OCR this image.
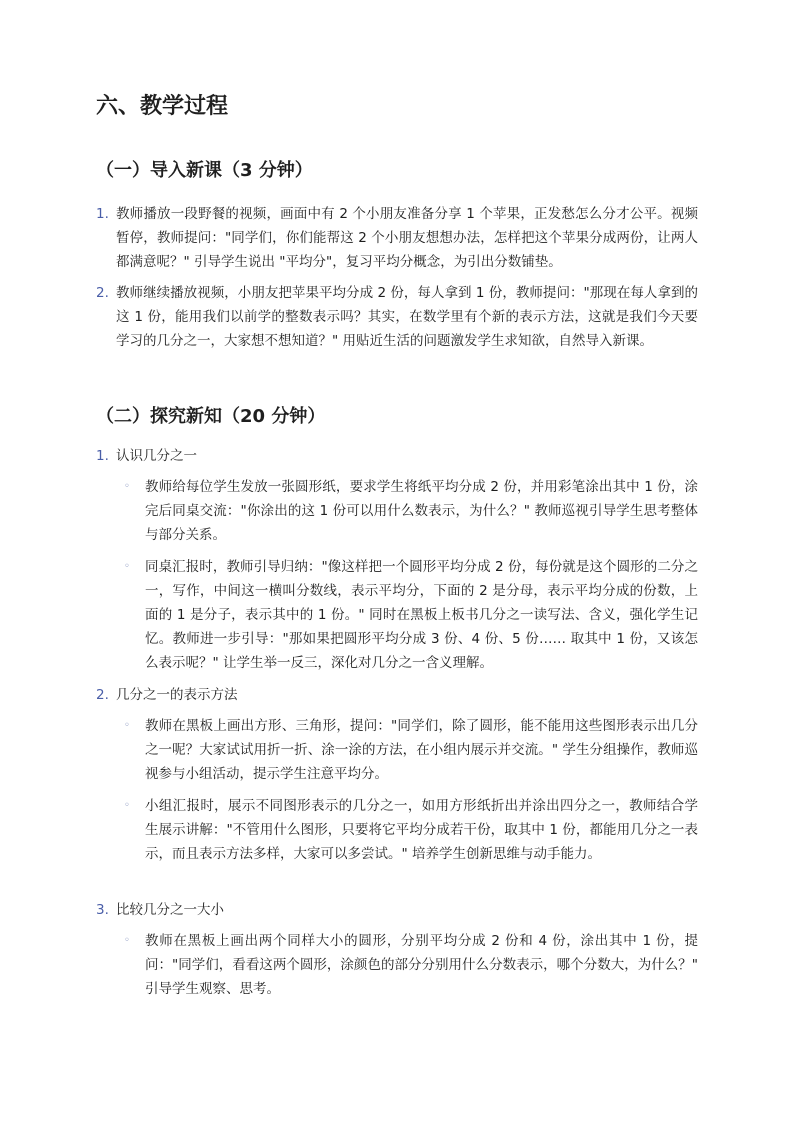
六、教学过程
（一）导入新课（3 分钟）
1. 教师播放一段野餐的视频，画面中有 2 个小朋友准备分享 1 个苹果，正发愁怎么分才公平。视频暂停，教师提问："同学们，你们能帮这 2 个小朋友想想办法，怎样把这个苹果分成两份，让两人都满意呢？" 引导学生说出 "平均分"，复习平均分概念，为引出分数铺垫。

2. 教师继续播放视频，小朋友把苹果平均分成 2 份，每人拿到 1 份，教师提问："那现在每人拿到的这 1 份，能用我们以前学的整数表示吗？其实，在数学里有个新的表示方法，这就是我们今天要学习的几分之一，大家想不想知道？" 用贴近生活的问题激发学生求知欲，自然导入新课。

（二）探究新知（20 分钟）
1. 认识几分之一
◦ 教师给每位学生发放一张圆形纸，要求学生将纸平均分成 2 份，并用彩笔涂出其中 1 份，涂完后同桌交流："你涂出的这 1 份可以用什么数表示，为什么？" 教师巡视引导学生思考整体与部分关系。

◦ 同桌汇报时，教师引导归纳："像这样把一个圆形平均分成 2 份，每份就是这个圆形的二分之一，写作，中间这一横叫分数线，表示平均分，下面的 2 是分母，表示平均分成的份数，上面的 1 是分子，表示其中的 1 份。" 同时在黑板上板书几分之一读写法、含义，强化学生记忆。教师进一步引导："那如果把圆形平均分成 3 份、4 份、5 份…… 取其中 1 份，又该怎么表示呢？" 让学生举一反三，深化对几分之一含义理解。

2. 几分之一的表示方法
◦ 教师在黑板上画出方形、三角形，提问："同学们，除了圆形，能不能用这些图形表示出几分之一呢？大家试试用折一折、涂一涂的方法，在小组内展示并交流。" 学生分组操作，教师巡视参与小组活动，提示学生注意平均分。

◦ 小组汇报时，展示不同图形表示的几分之一，如用方形纸折出并涂出四分之一，教师结合学生展示讲解："不管用什么图形，只要将它平均分成若干份，取其中 1 份，都能用几分之一表示，而且表示方法多样，大家可以多尝试。" 培养学生创新思维与动手能力。

3. 比较几分之一大小
◦ 教师在黑板上画出两个同样大小的圆形，分别平均分成 2 份和 4 份，涂出其中 1 份，提问："同学们，看看这两个圆形，涂颜色的部分分别用什么分数表示，哪个分数大，为什么？" 引导学生观察、思考。
